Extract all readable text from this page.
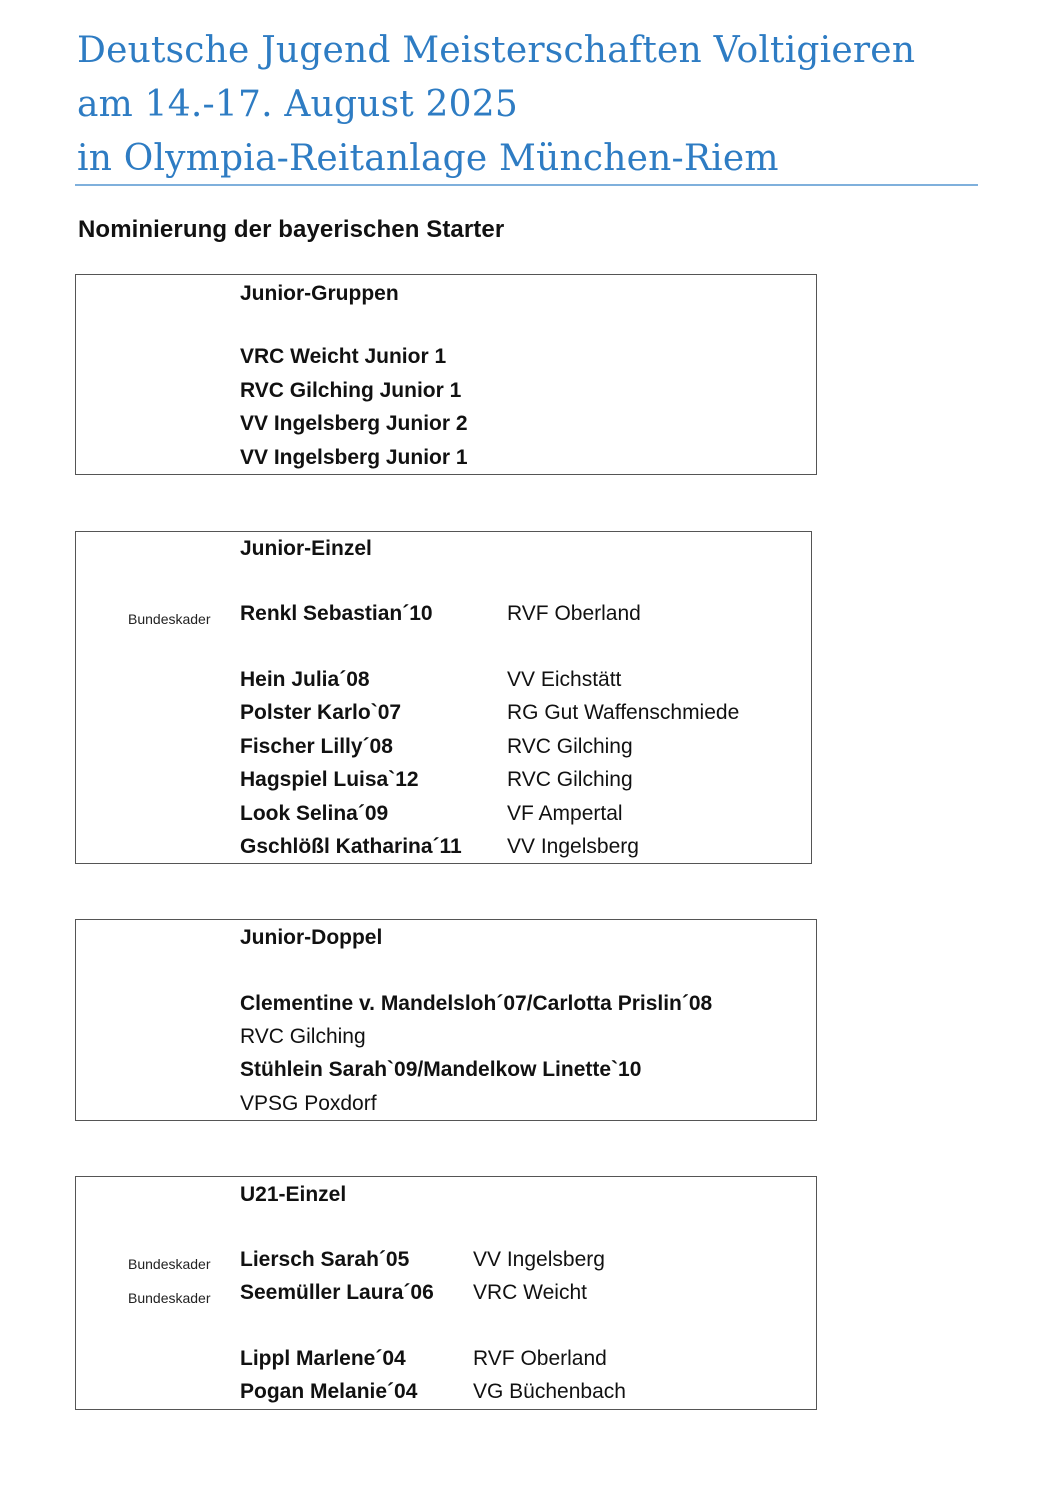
Deutsche Jugend Meisterschaften Voltigieren
am 14.-17. August 2025
in Olympia-Reitanlage München-Riem
Nominierung der bayerischen Starter
Junior-Gruppen
VRC Weicht Junior 1
RVC Gilching Junior 1
VV Ingelsberg Junior 2
VV Ingelsberg Junior 1
Junior-Einzel
Bundeskader Renkl Sebastian´10	RVF Oberland
Hein Julia´08	VV Eichstätt
Polster Karlo`07	RG Gut Waffenschmiede
Fischer Lilly´08	RVC Gilching
Hagspiel Luisa`12	RVC Gilching
Look Selina´09	VF Ampertal
Gschlößl Katharina´11 VV Ingelsberg
Junior-Doppel
Clementine v. Mandelsloh´07/Carlotta Prislin´08
RVC Gilching
Stühlein Sarah`09/Mandelkow Linette`10
VPSG Poxdorf
U21-Einzel
Bundeskader Liersch Sarah´05	VV Ingelsberg
Bundeskader Seemüller Laura´06 VRC Weicht
Lippl Marlene´04	RVF Oberland
Pogan Melanie´04	VG Büchenbach
